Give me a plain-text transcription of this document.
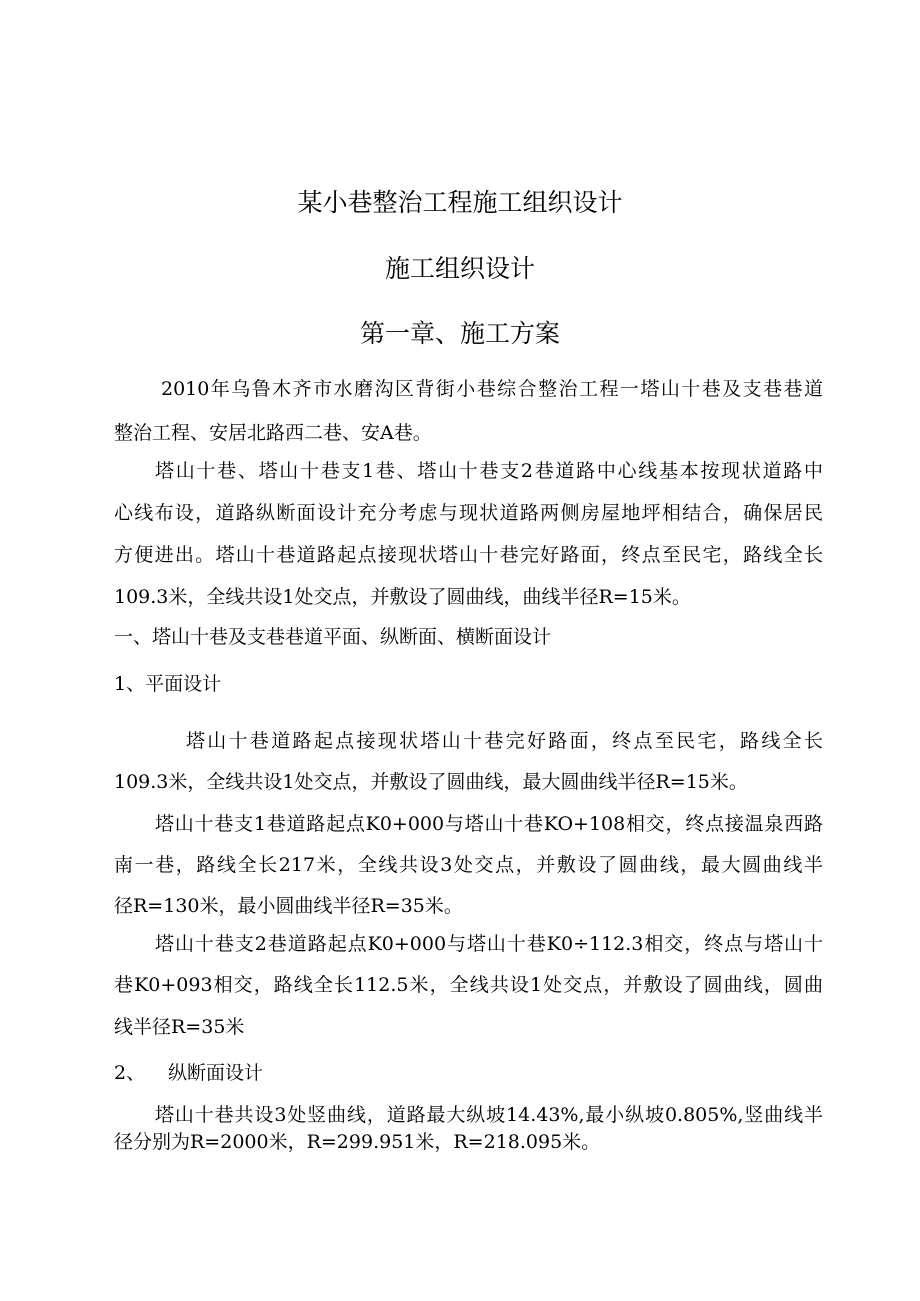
某小巷整治工程施工组织设计
施工组织设计
第一章、施工方案
2010年乌鲁木齐市水磨沟区背街小巷综合整治工程一塔山十巷及支巷巷道
整治工程、安居北路西二巷、安A巷。
塔山十巷、塔山十巷支1巷、塔山十巷支2巷道路中心线基本按现状道路中
心线布设，道路纵断面设计充分考虑与现状道路两侧房屋地坪相结合，确保居民
方便进出。塔山十巷道路起点接现状塔山十巷完好路面，终点至民宅，路线全长
109.3米，全线共设1处交点，并敷设了圆曲线，曲线半径R=15米。
一、塔山十巷及支巷巷道平面、纵断面、横断面设计
1、平面设计
塔山十巷道路起点接现状塔山十巷完好路面，终点至民宅，路线全长
109.3米，全线共设1处交点，并敷设了圆曲线，最大圆曲线半径R=15米。
塔山十巷支1巷道路起点K0+000与塔山十巷KO+108相交，终点接温泉西路
南一巷，路线全长217米，全线共设3处交点，并敷设了圆曲线，最大圆曲线半
径R=130米，最小圆曲线半径R=35米。
塔山十巷支2巷道路起点K0+000与塔山十巷K0÷112.3相交，终点与塔山十
巷K0+093相交，路线全长112.5米，全线共设1处交点，并敷设了圆曲线，圆曲
线半径R=35米
2、 纵断面设计
塔山十巷共设3处竖曲线，道路最大纵坡14.43%,最小纵坡0.805%,竖曲线半
径分别为R=2000米，R=299.951米，R=218.095米。
